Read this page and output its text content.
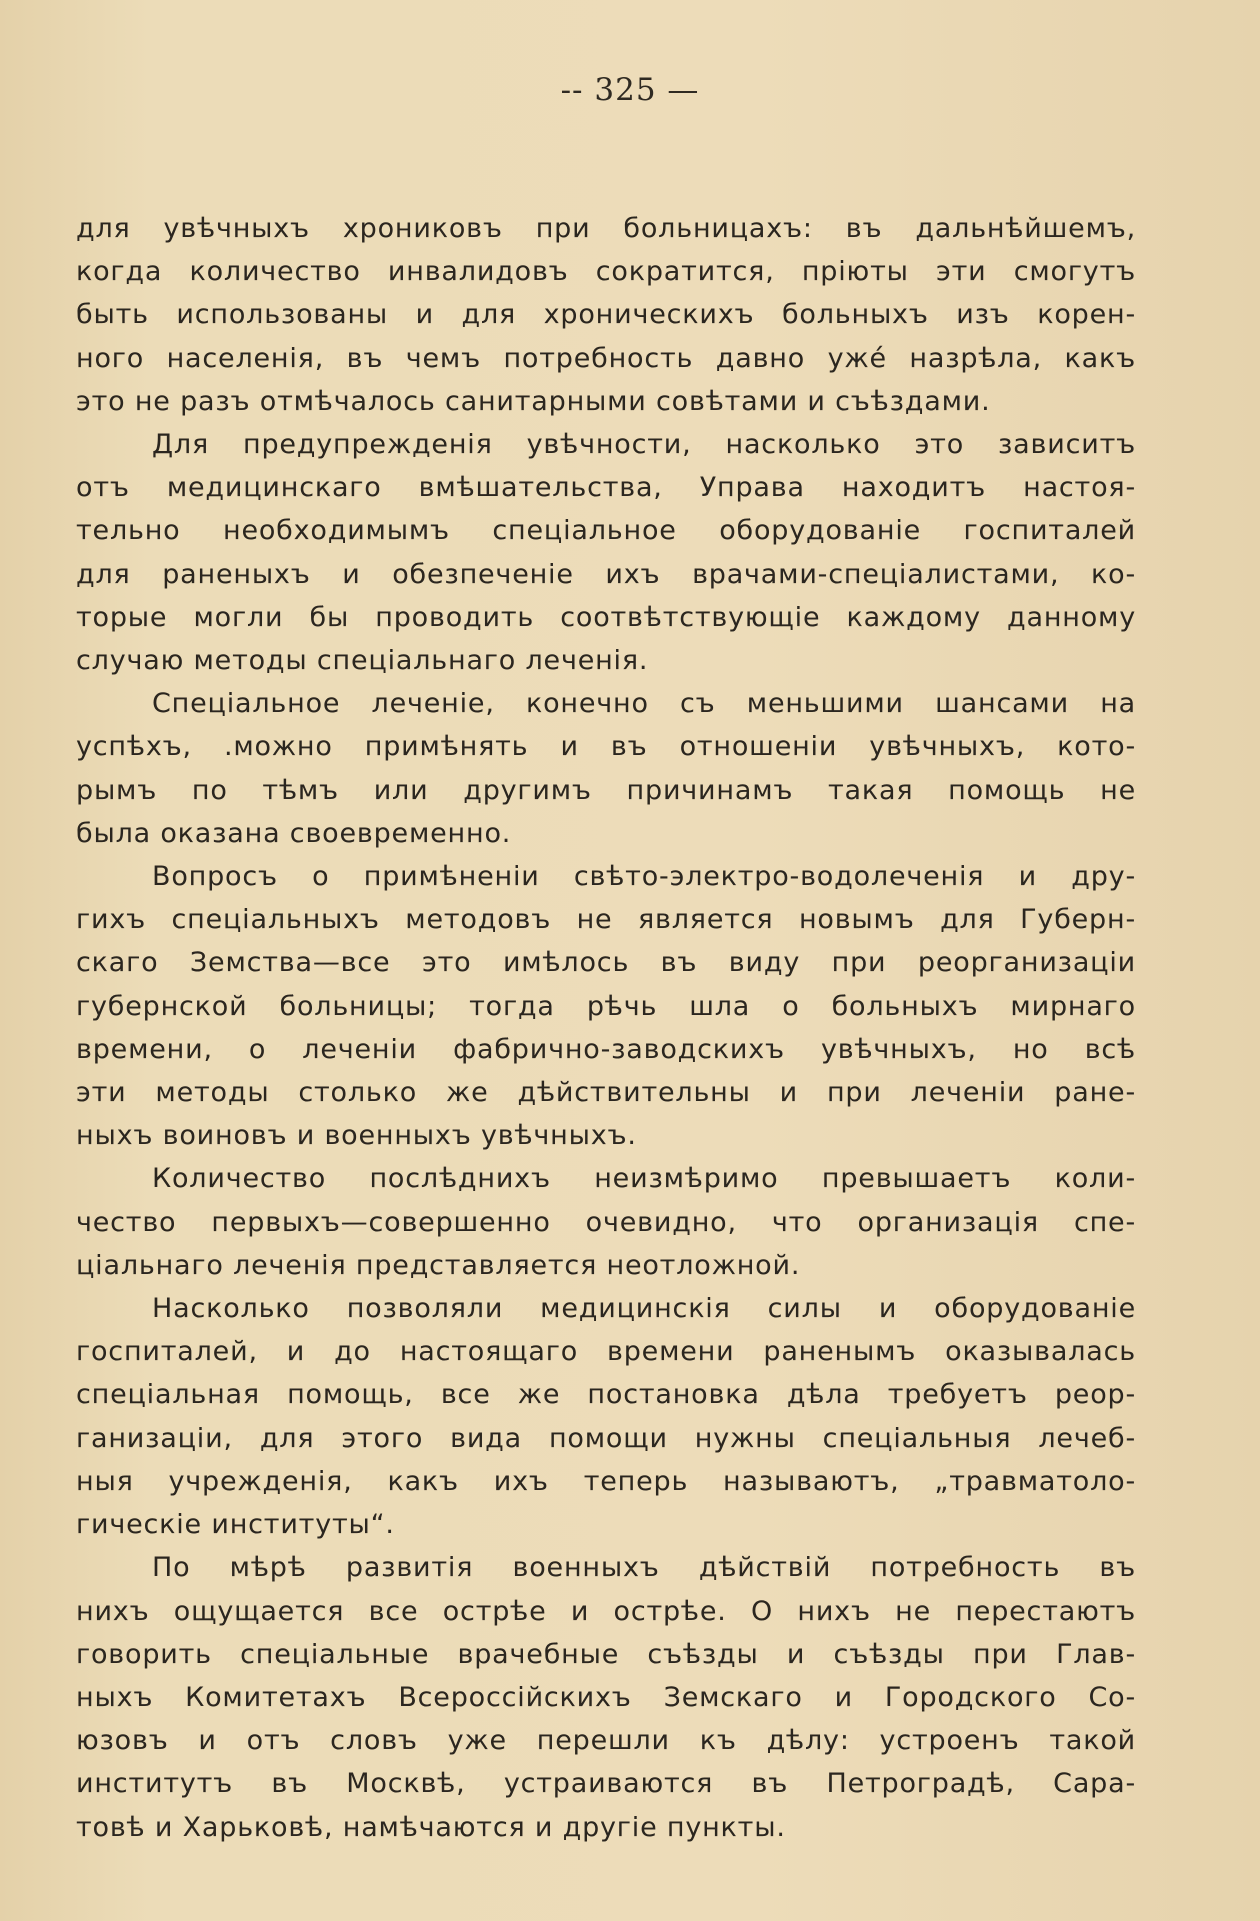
-- 325 —
для увѣчныхъ хрониковъ при больницахъ: въ дальнѣйшемъ,
когда количество инвалидовъ сократится, пріюты эти смогутъ
быть использованы и для хроническихъ больныхъ изъ корен-
ного населенія, въ чемъ потребность давно ужé назрѣла, какъ
это не разъ отмѣчалось санитарными совѣтами и съѣздами.
Для предупрежденія увѣчности, насколько это зависитъ
отъ медицинскаго вмѣшательства, Управа находитъ настоя-
тельно необходимымъ спеціальное оборудованіе госпиталей
для раненыхъ и обезпеченіе ихъ врачами-спеціалистами, ко-
торые могли бы проводить соотвѣтствующіе каждому данному
случаю методы спеціальнаго леченія.
Спеціальное леченіе, конечно съ меньшими шансами на
успѣхъ, .можно примѣнять и въ отношеніи увѣчныхъ, кото-
рымъ по тѣмъ или другимъ причинамъ такая помощь не
была оказана своевременно.
Вопросъ о примѣненіи свѣто-электро-водолеченія и дру-
гихъ спеціальныхъ методовъ не является новымъ для Губерн-
скаго Земства—все это имѣлось въ виду при реорганизаціи
губернской больницы; тогда рѣчь шла о больныхъ мирнаго
времени, о леченіи фабрично-заводскихъ увѣчныхъ, но всѣ
эти методы столько же дѣйствительны и при леченіи ране-
ныхъ воиновъ и военныхъ увѣчныхъ.
Количество послѣднихъ неизмѣримо превышаетъ коли-
чество первыхъ—совершенно очевидно, что организація спе-
ціальнаго леченія представляется неотложной.
Насколько позволяли медицинскія силы и оборудованіе
госпиталей, и до настоящаго времени раненымъ оказывалась
спеціальная помощь, все же постановка дѣла требуетъ реор-
ганизаціи, для этого вида помощи нужны спеціальныя лечеб-
ныя учрежденія, какъ ихъ теперь называютъ, „травматоло-
гическіе институты“.
По мѣрѣ развитія военныхъ дѣйствій потребность въ
нихъ ощущается все острѣе и острѣе. О нихъ не перестаютъ
говорить спеціальные врачебные съѣзды и съѣзды при Глав-
ныхъ Комитетахъ Всероссійскихъ Земскаго и Городского Со-
юзовъ и отъ словъ уже перешли къ дѣлу: устроенъ такой
институтъ въ Москвѣ, устраиваются въ Петроградѣ, Сара-
товѣ и Харьковѣ, намѣчаются и другіе пункты.
